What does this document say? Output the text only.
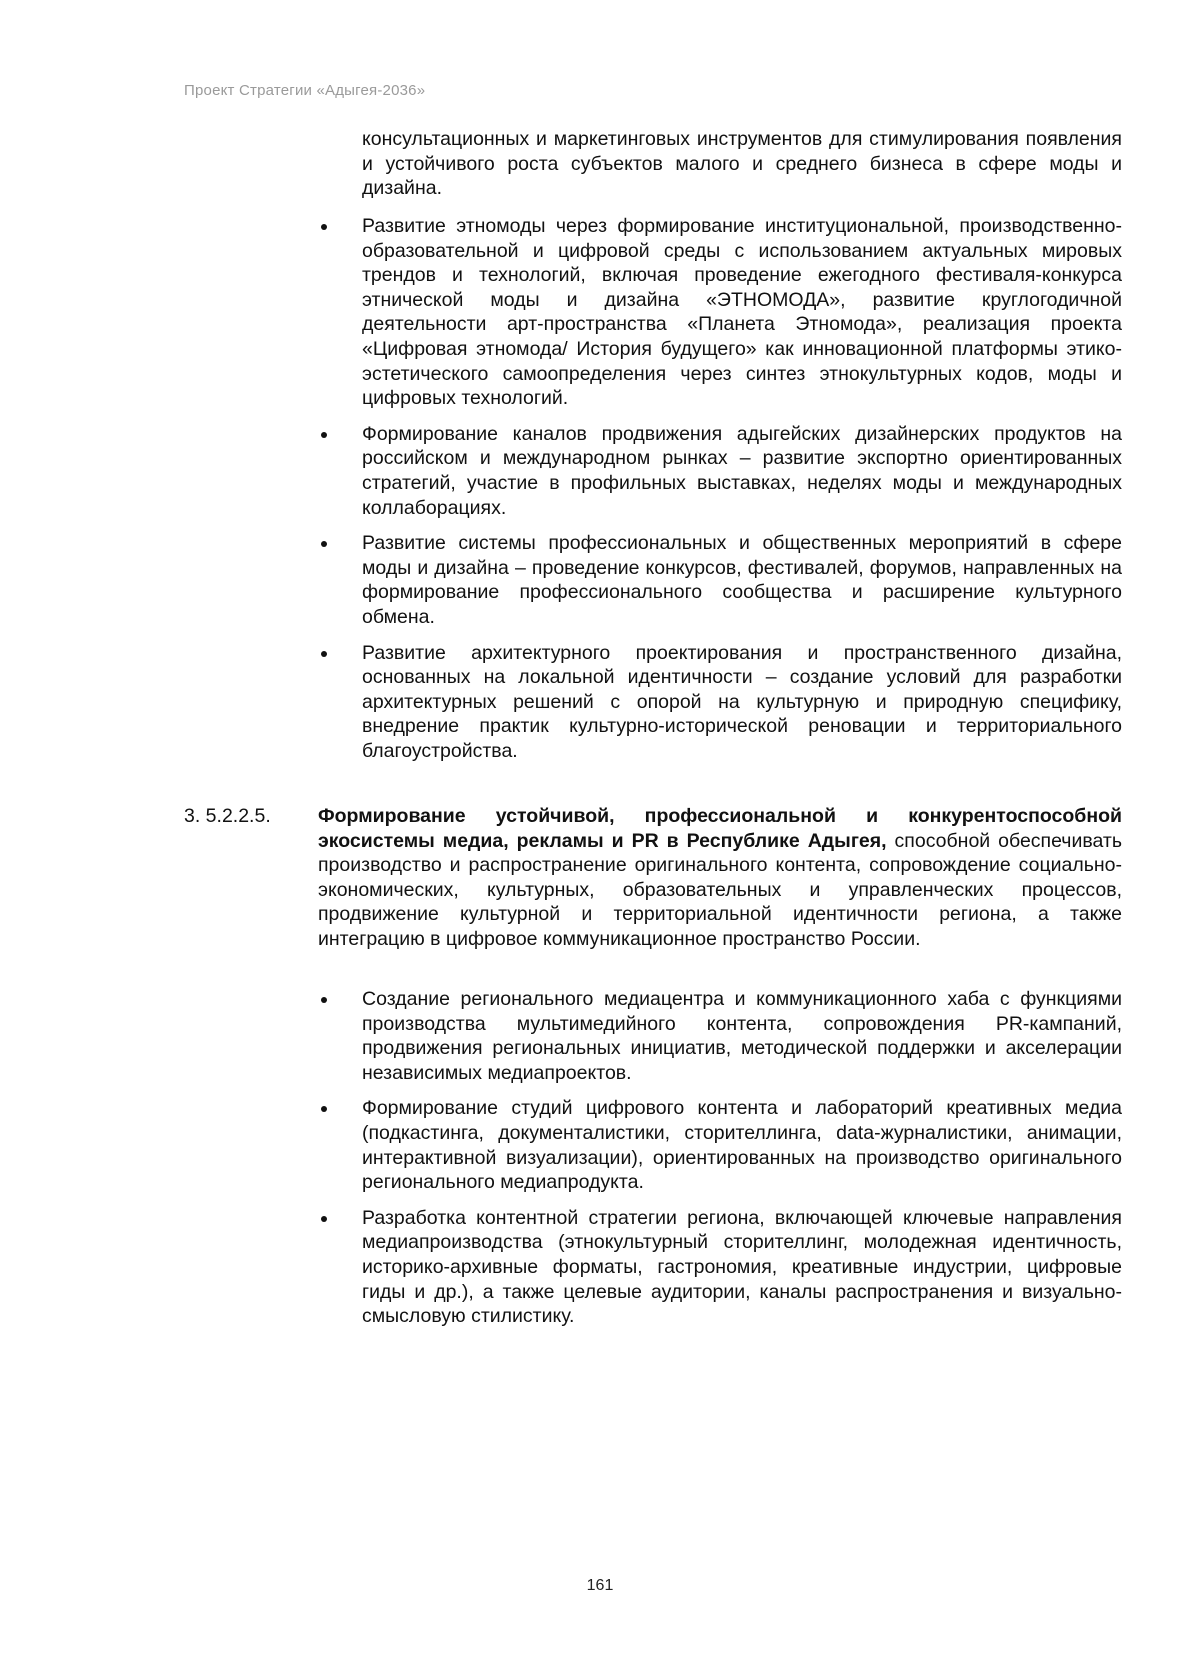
Проект Стратегии «Адыгея-2036»

консультационных и маркетинговых инструментов для стимулирования появления и устойчивого роста субъектов малого и среднего бизнеса в сфере моды и дизайна.

Развитие этномоды через формирование институциональной, производственно-образовательной и цифровой среды с использованием актуальных мировых трендов и технологий, включая проведение ежегодного фестиваля-конкурса этнической моды и дизайна «ЭТНОМОДА», развитие круглогодичной деятельности арт-пространства «Планета Этномода», реализация проекта «Цифровая этномода/ История будущего» как инновационной платформы этико-эстетического самоопределения через синтез этнокультурных кодов, моды и цифровых технологий.
Формирование каналов продвижения адыгейских дизайнерских продуктов на российском и международном рынках – развитие экспортно ориентированных стратегий, участие в профильных выставках, неделях моды и международных коллаборациях.
Развитие системы профессиональных и общественных мероприятий в сфере моды и дизайна – проведение конкурсов, фестивалей, форумов, направленных на формирование профессионального сообщества и расширение культурного обмена.
Развитие архитектурного проектирования и пространственного дизайна, основанных на локальной идентичности – создание условий для разработки архитектурных решений с опорой на культурную и природную специфику, внедрение практик культурно-исторической реновации и территориального благоустройства.
3. 5.2.2.5. Формирование устойчивой, профессиональной и конкурентоспособной экосистемы медиа, рекламы и PR в Республике Адыгея, способной обеспечивать производство и распространение оригинального контента, сопровождение социально-экономических, культурных, образовательных и управленческих процессов, продвижение культурной и территориальной идентичности региона, а также интеграцию в цифровое коммуникационное пространство России.

Создание регионального медиацентра и коммуникационного хаба с функциями производства мультимедийного контента, сопровождения PR-кампаний, продвижения региональных инициатив, методической поддержки и акселерации независимых медиапроектов.
Формирование студий цифрового контента и лабораторий креативных медиа (подкастинга, документалистики, сторителлинга, data-журналистики, анимации, интерактивной визуализации), ориентированных на производство оригинального регионального медиапродукта.
Разработка контентной стратегии региона, включающей ключевые направления медиапроизводства (этнокультурный сторителлинг, молодежная идентичность, историко-архивные форматы, гастрономия, креативные индустрии, цифровые гиды и др.), а также целевые аудитории, каналы распространения и визуально-смысловую стилистику.
161
